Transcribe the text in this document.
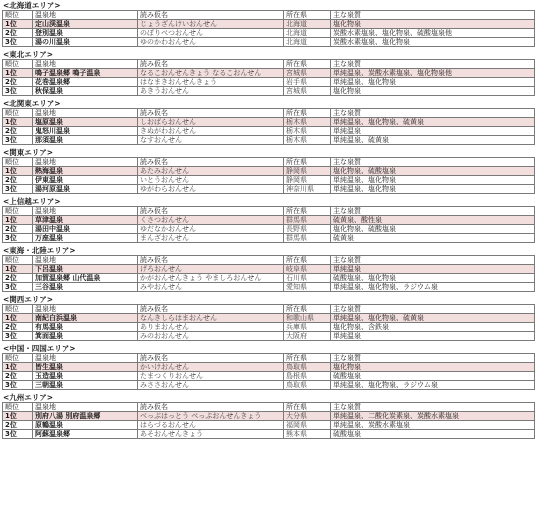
<北海道エリア>
順位	温泉地	読み仮名	所在県	主な泉質
1位	定山渓温泉	じょうざんけいおんせん	北海道	塩化物泉
2位	登別温泉	のぼりべつおんせん	北海道	炭酸水素塩泉、塩化物泉、硫酸塩泉他
3位	湯の川温泉	ゆのかわおんせん	北海道	炭酸水素塩泉、塩化物泉
<東北エリア>
順位	温泉地	読み仮名	所在県	主な泉質
1位	鳴子温泉郷 鳴子温泉	なるこおんせんきょう なるこおんせん	宮城県	単純温泉、炭酸水素塩泉、塩化物泉他
2位	花巻温泉郷	はなまきおんせんきょう	岩手県	単純温泉、塩化物泉
3位	秋保温泉	あきうおんせん	宮城県	塩化物泉
<北関東エリア>
順位	温泉地	読み仮名	所在県	主な泉質
1位	塩原温泉	しおばらおんせん	栃木県	単純温泉、塩化物泉、硫黄泉
2位	鬼怒川温泉	きぬがわおんせん	栃木県	単純温泉
3位	那須温泉	なすおんせん	栃木県	単純温泉、硫黄泉
<関東エリア>
順位	温泉地	読み仮名	所在県	主な泉質
1位	熱海温泉	あたみおんせん	静岡県	塩化物泉、硫酸塩泉
2位	伊東温泉	いとうおんせん	静岡県	単純温泉、塩化物泉
3位	湯河原温泉	ゆがわらおんせん	神奈川県	単純温泉、塩化物泉
<上信越エリア>
順位	温泉地	読み仮名	所在県	主な泉質
1位	草津温泉	くさつおんせん	群馬県	硫黄泉、酸性泉
2位	湯田中温泉	ゆだなかおんせん	長野県	塩化物泉、硫酸塩泉
3位	万座温泉	まんざおんせん	群馬県	硫黄泉
<東海・北陸エリア>
順位	温泉地	読み仮名	所在県	主な泉質
1位	下呂温泉	げろおんせん	岐阜県	単純温泉
2位	加賀温泉郷 山代温泉	かがおんせんきょう やましろおんせん	石川県	硫酸塩泉、塩化物泉
3位	三谷温泉	みやおんせん	愛知県	単純温泉、塩化物泉、ラジウム泉
<関西エリア>
順位	温泉地	読み仮名	所在県	主な泉質
1位	南紀白浜温泉	なんきしらはまおんせん	和歌山県	単純温泉、塩化物泉、硫黄泉
2位	有馬温泉	ありまおんせん	兵庫県	塩化物泉、含鉄泉
3位	箕面温泉	みのおおんせん	大阪府	単純温泉
<中国・四国エリア>
順位	温泉地	読み仮名	所在県	主な泉質
1位	皆生温泉	かいけおんせん	鳥取県	塩化物泉
2位	玉造温泉	たまつくりおんせん	島根県	硫酸塩泉
3位	三朝温泉	みささおんせん	鳥取県	単純温泉、塩化物泉、ラジウム泉
<九州エリア>
順位	温泉地	読み仮名	所在県	主な泉質
1位	別府八湯 別府温泉郷	べっぷはっとう べっぷおんせんきょう	大分県	単純温泉、二酸化炭素泉、炭酸水素塩泉
2位	原鶴温泉	はらづるおんせん	福岡県	単純温泉、炭酸水素塩泉
3位	阿蘇温泉郷	あそおんせんきょう	熊本県	硫酸塩泉
